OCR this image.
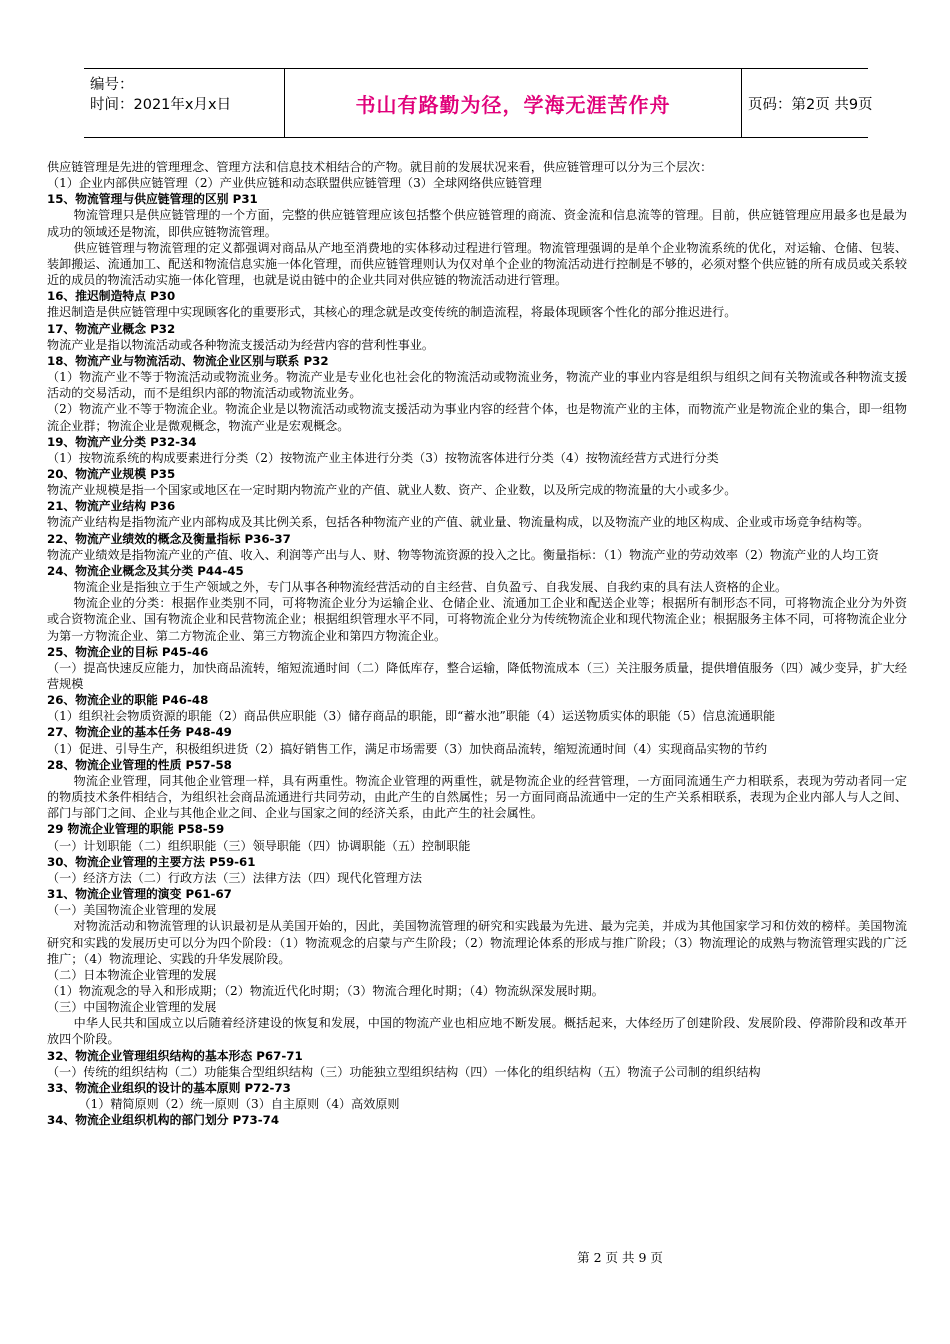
编号：
时间：2021年x月x日	书山有路勤为径，学海无涯苦作舟	页码：第2页 共9页

供应链管理是先进的管理理念、管理方法和信息技术相结合的产物。就目前的发展状况来看，供应链管理可以分为三个层次：

（1）企业内部供应链管理（2）产业供应链和动态联盟供应链管理（3）全球网络供应链管理

15、物流管理与供应链管理的区别 P31

物流管理只是供应链管理的一个方面，完整的供应链管理应该包括整个供应链管理的商流、资金流和信息流等的管理。目前，供应链管理应用最多也是最为成功的领域还是物流，即供应链物流管理。

供应链管理与物流管理的定义都强调对商品从产地至消费地的实体移动过程进行管理。物流管理强调的是单个企业物流系统的优化，对运输、仓储、包装、装卸搬运、流通加工、配送和物流信息实施一体化管理，而供应链管理则认为仅对单个企业的物流活动进行控制是不够的，必须对整个供应链的所有成员或关系较近的成员的物流活动实施一体化管理，也就是说由链中的企业共同对供应链的物流活动进行管理。

16、推迟制造特点 P30

推迟制造是供应链管理中实现顾客化的重要形式，其核心的理念就是改变传统的制造流程，将最体现顾客个性化的部分推迟进行。

17、物流产业概念 P32

物流产业是指以物流活动或各种物流支援活动为经营内容的营利性事业。

18、物流产业与物流活动、物流企业区别与联系 P32

（1）物流产业不等于物流活动或物流业务。物流产业是专业化也社会化的物流活动或物流业务，物流产业的事业内容是组织与组织之间有关物流或各种物流支援活动的交易活动，而不是组织内部的物流活动或物流业务。

（2）物流产业不等于物流企业。物流企业是以物流活动或物流支援活动为事业内容的经营个体，也是物流产业的主体，而物流产业是物流企业的集合，即一组物流企业群；物流企业是微观概念，物流产业是宏观概念。

19、物流产业分类 P32-34

（1）按物流系统的构成要素进行分类（2）按物流产业主体进行分类（3）按物流客体进行分类（4）按物流经营方式进行分类

20、物流产业规模 P35

物流产业规模是指一个国家或地区在一定时期内物流产业的产值、就业人数、资产、企业数，以及所完成的物流量的大小或多少。

21、物流产业结构 P36

物流产业结构是指物流产业内部构成及其比例关系，包括各种物流产业的产值、就业量、物流量构成，以及物流产业的地区构成、企业或市场竞争结构等。

22、物流产业绩效的概念及衡量指标 P36-37

物流产业绩效是指物流产业的产值、收入、利润等产出与人、财、物等物流资源的投入之比。衡量指标：（1）物流产业的劳动效率（2）物流产业的人均工资

24、物流企业概念及其分类 P44-45

物流企业是指独立于生产领域之外，专门从事各种物流经营活动的自主经营、自负盈亏、自我发展、自我约束的具有法人资格的企业。

物流企业的分类：根据作业类别不同，可将物流企业分为运输企业、仓储企业、流通加工企业和配送企业等；根据所有制形态不同，可将物流企业分为外资或合资物流企业、国有物流企业和民营物流企业；根据组织管理水平不同，可将物流企业分为传统物流企业和现代物流企业；根据服务主体不同，可将物流企业分为第一方物流企业、第二方物流企业、第三方物流企业和第四方物流企业。

25、物流企业的目标 P45-46

（一）提高快速反应能力，加快商品流转，缩短流通时间（二）降低库存，整合运输，降低物流成本（三）关注服务质量，提供增值服务（四）减少变异，扩大经营规模

26、物流企业的职能 P46-48

（1）组织社会物质资源的职能（2）商品供应职能（3）储存商品的职能，即“蓄水池”职能（4）运送物质实体的职能（5）信息流通职能

27、物流企业的基本任务 P48-49

（1）促进、引导生产，积极组织进货（2）搞好销售工作，满足市场需要（3）加快商品流转，缩短流通时间（4）实现商品实物的节约

28、物流企业管理的性质 P57-58

物流企业管理，同其他企业管理一样，具有两重性。物流企业管理的两重性，就是物流企业的经营管理，一方面同流通生产力相联系，表现为劳动者同一定的物质技术条件相结合，为组织社会商品流通进行共同劳动，由此产生的自然属性；另一方面同商品流通中一定的生产关系相联系，表现为企业内部人与人之间、部门与部门之间、企业与其他企业之间、企业与国家之间的经济关系，由此产生的社会属性。

29 物流企业管理的职能 P58-59

（一）计划职能（二）组织职能（三）领导职能（四）协调职能（五）控制职能

30、物流企业管理的主要方法 P59-61

（一）经济方法（二）行政方法（三）法律方法（四）现代化管理方法

31、物流企业管理的演变 P61-67

（一）美国物流企业管理的发展

对物流活动和物流管理的认识最初是从美国开始的，因此，美国物流管理的研究和实践最为先进、最为完美，并成为其他国家学习和仿效的榜样。美国物流研究和实践的发展历史可以分为四个阶段：（1）物流观念的启蒙与产生阶段；（2）物流理论体系的形成与推广阶段；（3）物流理论的成熟与物流管理实践的广泛推广；（4）物流理论、实践的升华发展阶段。

（二）日本物流企业管理的发展

（1）物流观念的导入和形成期；（2）物流近代化时期；（3）物流合理化时期；（4）物流纵深发展时期。

（三）中国物流企业管理的发展

中华人民共和国成立以后随着经济建设的恢复和发展，中国的物流产业也相应地不断发展。概括起来，大体经历了创建阶段、发展阶段、停滞阶段和改革开放四个阶段。

32、物流企业管理组织结构的基本形态 P67-71

（一）传统的组织结构（二）功能集合型组织结构（三）功能独立型组织结构（四）一体化的组织结构（五）物流子公司制的组织结构

33、物流企业组织的设计的基本原则 P72-73

（1）精简原则（2）统一原则（3）自主原则（4）高效原则

34、物流企业组织机构的部门划分 P73-74

第 2 页 共 9 页
